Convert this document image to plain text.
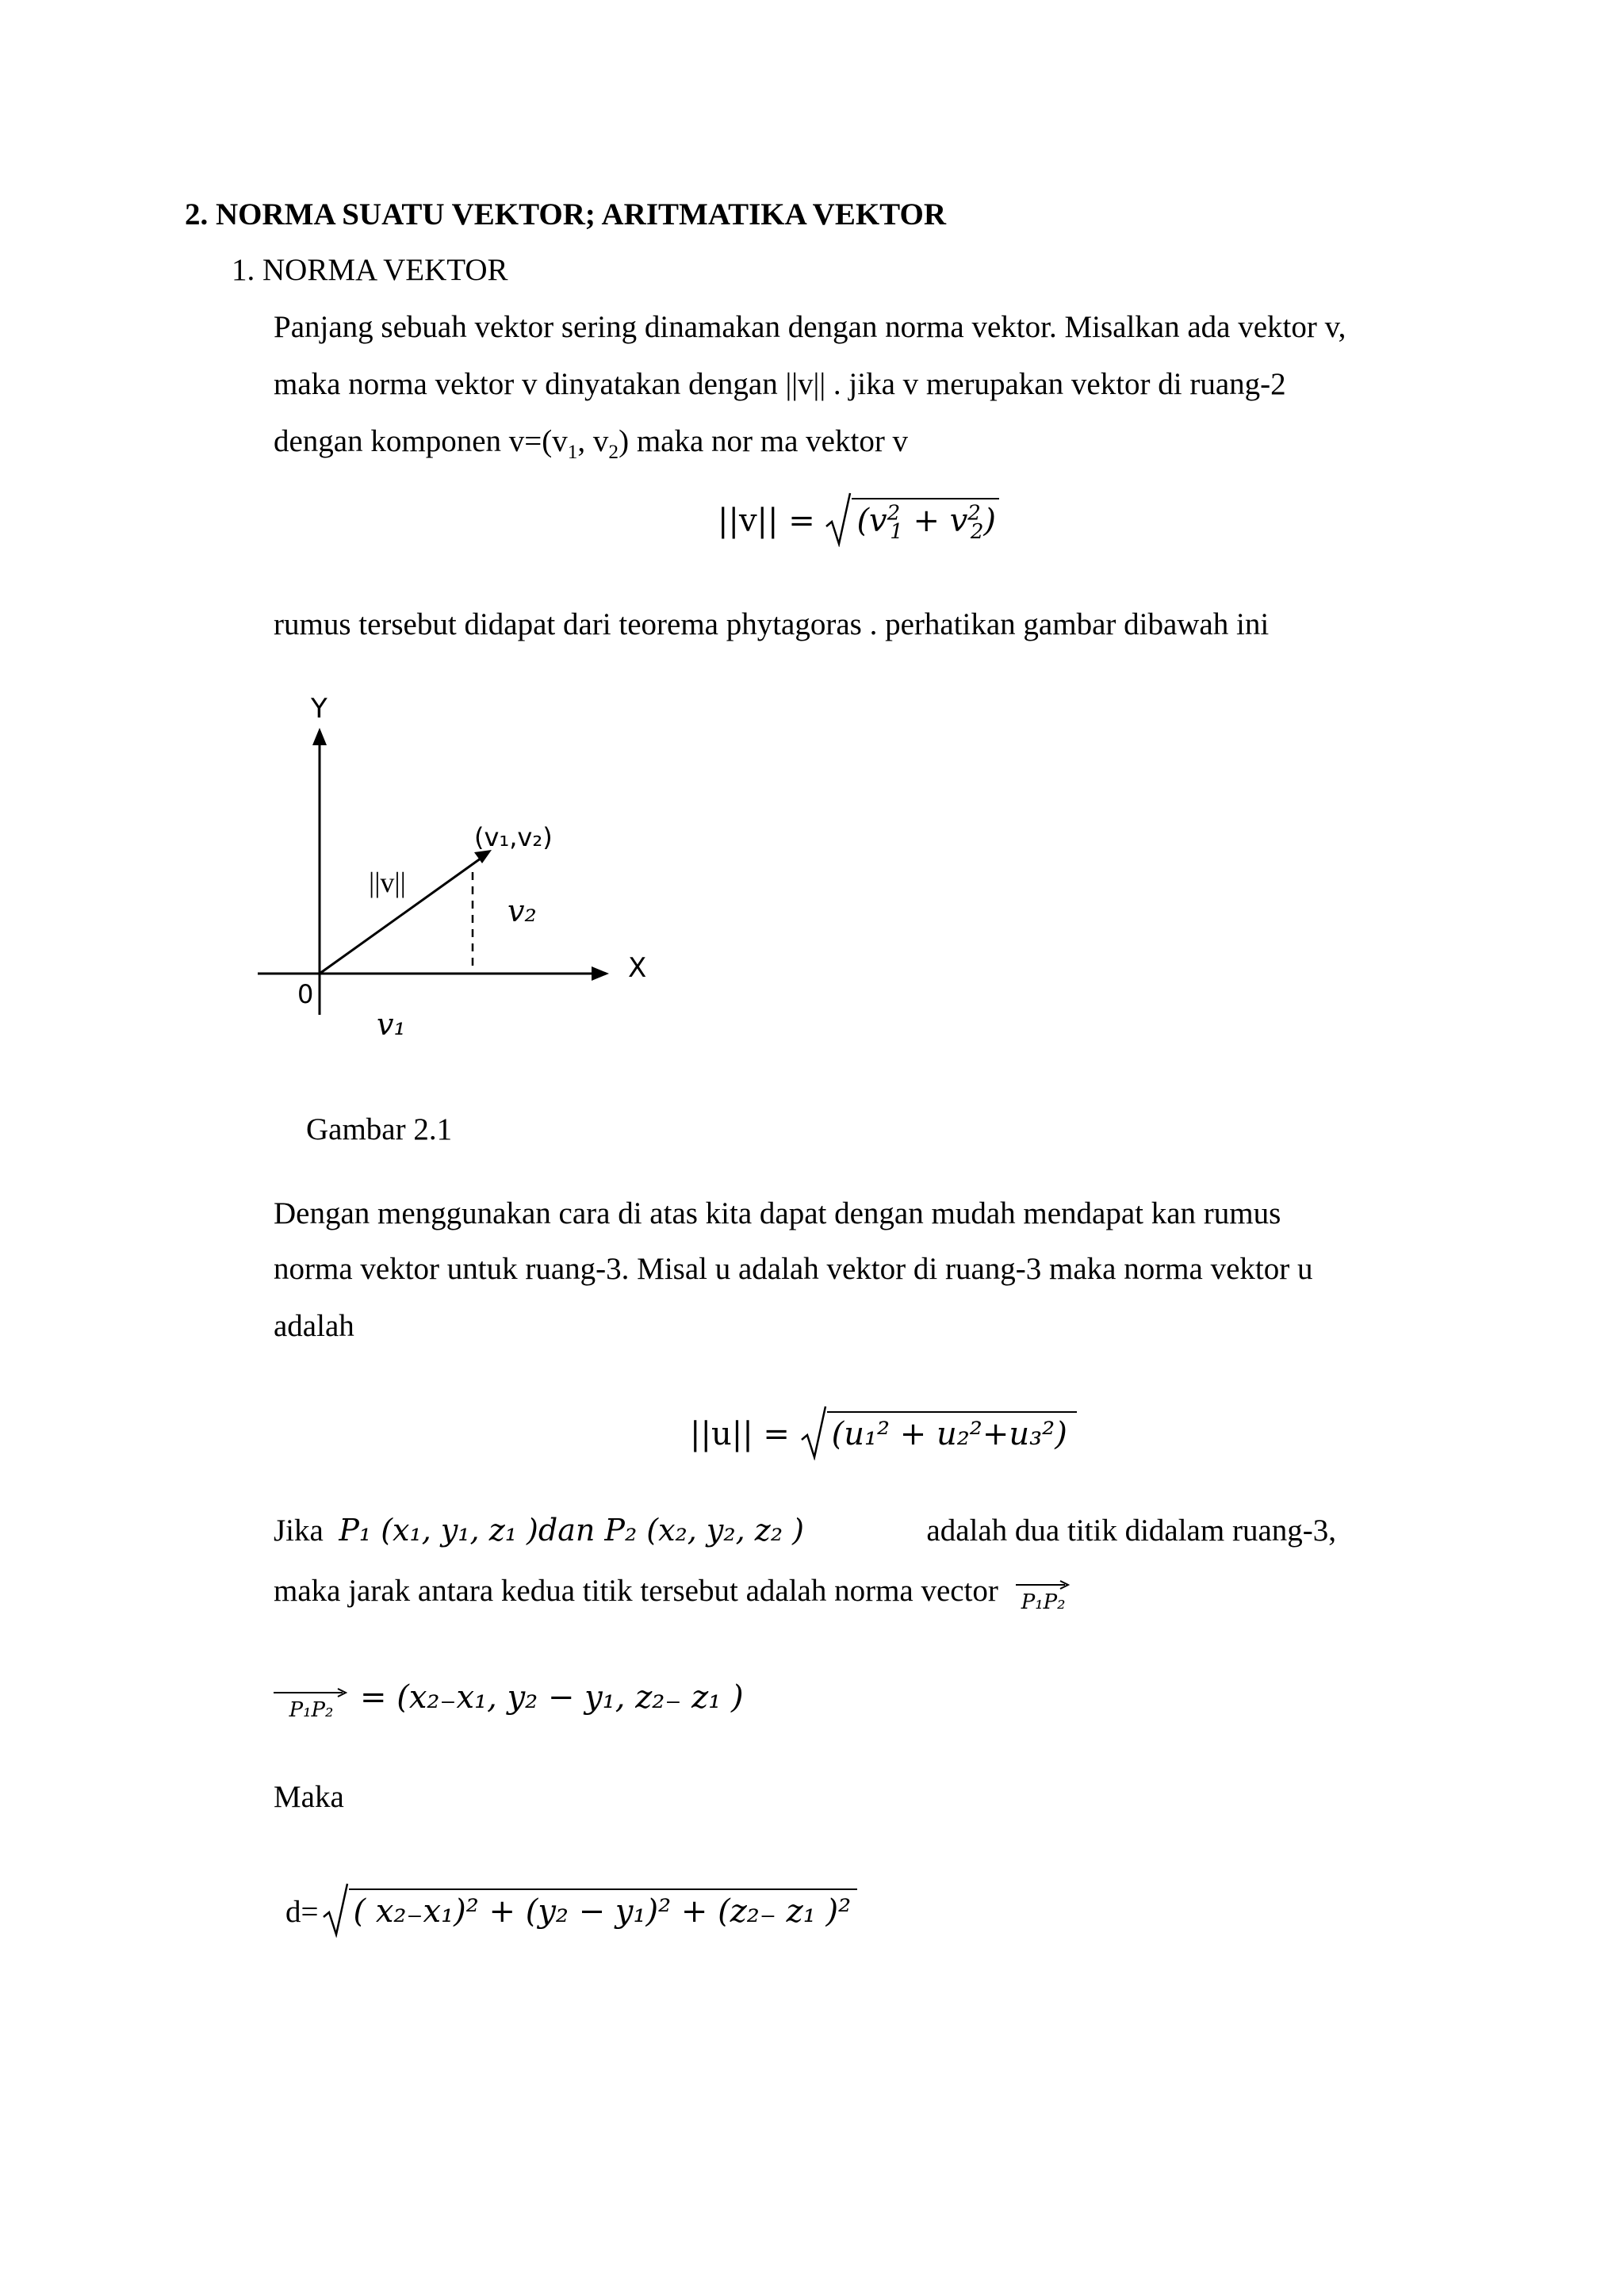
2. NORMA SUATU VEKTOR; ARITMATIKA VEKTOR
1. NORMA VEKTOR
Panjang sebuah vektor sering dinamakan dengan norma vektor. Misalkan ada vektor v,
maka norma vektor v dinyatakan dengan ||v|| . jika v merupakan vektor di ruang-2
dengan komponen $v=(v_1$, $v_2$) maka nor ma vektor v
$||v|| = (v^2_1 + v^2_2)$
rumus tersebut didapat dari teorema phytagoras . perhatikan gambar dibawah ini
Y
X
0
(v₁,v₂)
||v||
v₂
v₁
Gambar 2.1
Dengan menggunakan cara di atas kita dapat dengan mudah mendapat kan rumus
norma vektor untuk ruang-3. Misal u adalah vektor di ruang-3 maka norma vektor u
adalah
||u|| = (u₁² + u₂²+u₃²)
Jika P₁ (x₁, y₁, z₁ )dan P₂ (x₂, y₂, z₂ )	adalah dua titik didalam ruang-3,
maka jarak antara kedua titik tersebut adalah norma vector P₁P₂
P₁P₂ = (x₂₋x₁, y₂ − y₁, z₂₋ z₁ )
Maka
d= ( x₂₋x₁)² + (y₂ − y₁)² + (z₂₋ z₁ )²
